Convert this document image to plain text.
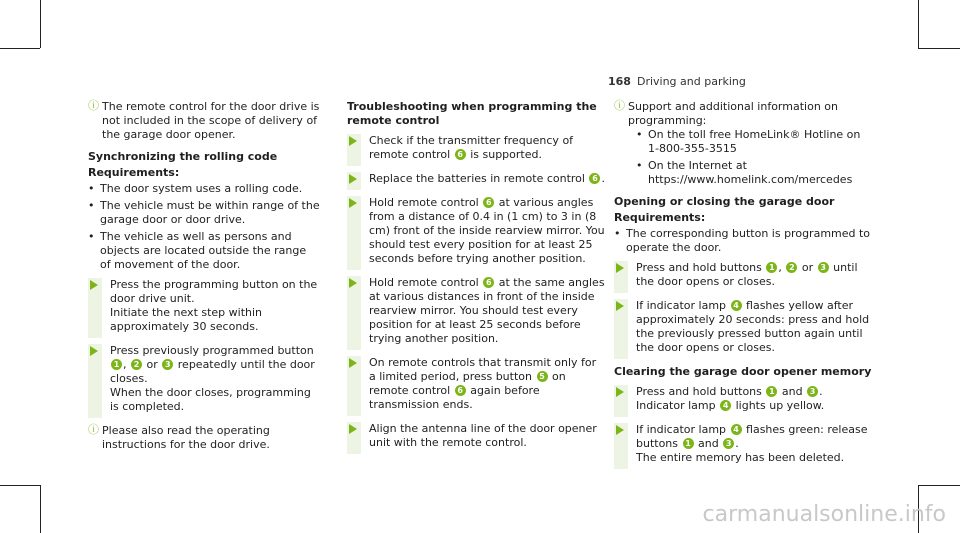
168 Driving and parking
ⓘ The remote control for the door drive is not included in the scope of delivery of the garage door opener.
Synchronizing the rolling code
Requirements:
• The door system uses a rolling code.
• The vehicle must be within range of the garage door or door drive.
• The vehicle as well as persons and objects are located outside the range of movement of the door.
Press the programming button on the door drive unit.
Initiate the next step within approximately 30 seconds.
Press previously programmed button 1 , 2 or 3 repeatedly until the door closes.
When the door closes, programming is completed.
ⓘ Please also read the operating instructions for the door drive.
Troubleshooting when programming the remote control
Check if the transmitter frequency of remote control 6 is supported.
Replace the batteries in remote control 6 .
Hold remote control 6 at various angles from a distance of 0.4 in (1 cm) to 3 in (8 cm) front of the inside rearview mirror. You should test every position for at least 25 seconds before trying another position.
Hold remote control 6 at the same angles at various distances in front of the inside rearview mirror. You should test every position for at least 25 seconds before trying another position.
On remote controls that transmit only for a limited period, press button 5 on remote control 6 again before transmission ends.
Align the antenna line of the door opener unit with the remote control.
ⓘ Support and additional information on programming:
• On the toll free HomeLink® Hotline on 1-800-355-3515
• On the Internet at https://www.homelink.com/mercedes
Opening or closing the garage door
Requirements:
• The corresponding button is programmed to operate the door.
Press and hold buttons 1 , 2 or 3 until the door opens or closes.
If indicator lamp 4 flashes yellow after approximately 20 seconds: press and hold the previously pressed button again until the door opens or closes.
Clearing the garage door opener memory
Press and hold buttons 1 and 3 .
Indicator lamp 4 lights up yellow.
If indicator lamp 4 flashes green: release buttons 1 and 3 .
The entire memory has been deleted.
carmanualsonline.info
